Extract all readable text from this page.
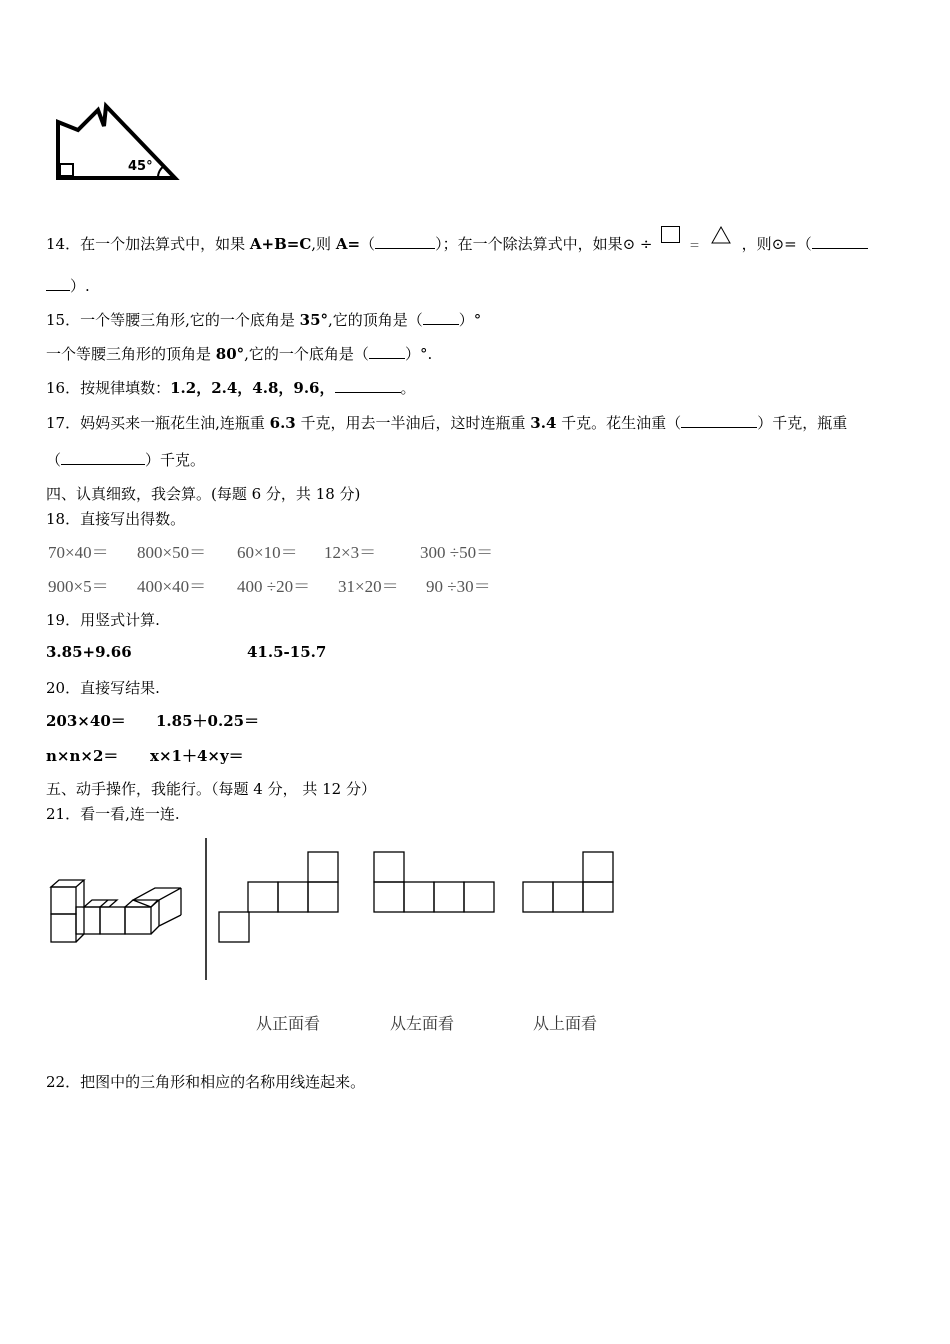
45°
14．在一个加法算式中，如果 A+B=C,则 A=（	）；在一个除法算式中，如果⊙ ÷	＝	，则⊙=（
）.
15．一个等腰三角形,它的一个底角是 35°,它的顶角是（ ）°
一个等腰三角形的顶角是 80°,它的一个底角是（ ）°.
16．按规律填数：1.2，2.4，4.8，9.6，	。
17．妈妈买来一瓶花生油,连瓶重 6.3 千克，用去一半油后，这时连瓶重 3.4 千克。花生油重（	）千克，瓶重
（	）千克。
四、认真细致，我会算。(每题 6 分，共 18 分)
18．直接写出得数。
70×40＝ 800×50＝ 60×10＝ 12×3＝	300 ÷50＝
900×5＝ 400×40＝ 400 ÷20＝ 31×20＝ 90 ÷30＝
19．用竖式计算.
3.85+9.66	41.5-15.7
20．直接写结果.
203×40＝ 1.85＋0.25＝
n×n×2＝ x×1＋4×y＝
五、动手操作，我能行。（每题 4 分， 共 12 分）
21．看一看,连一连.
从正面看	从左面看	从上面看
22．把图中的三角形和相应的名称用线连起来。
